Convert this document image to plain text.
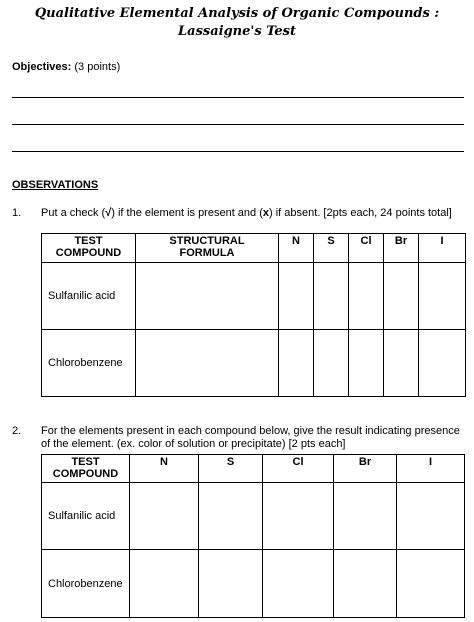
Qualitative Elemental Analysis of Organic Compounds :
Lassaigne's Test
Objectives: (3 points)
OBSERVATIONS
1. Put a check (√) if the element is present and (x) if absent. [2pts each, 24 points total]
TEST
COMPOUND	STRUCTURAL
FORMULA	N	S	Cl	Br	I
Sulfanilic acid						
Chlorobenzene						
2. For the elements present in each compound below, give the result indicating presence
of the element. (ex. color of solution or precipitate) [2 pts each]
TEST
COMPOUND	N	S	Cl	Br	I
Sulfanilic acid					
Chlorobenzene					
